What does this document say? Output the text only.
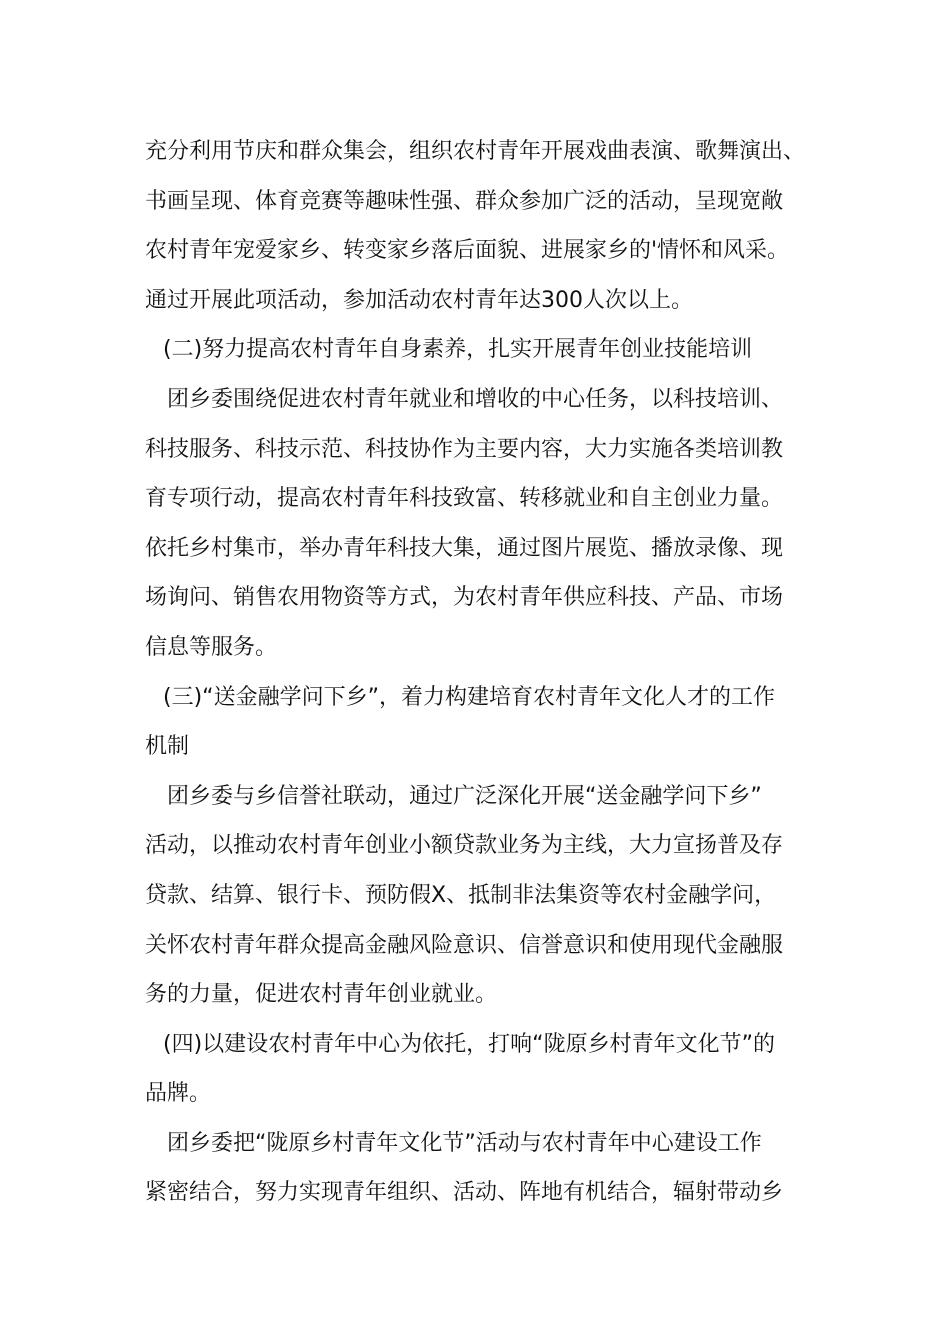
充分利用节庆和群众集会，组织农村青年开展戏曲表演、歌舞演出、
书画呈现、体育竞赛等趣味性强、群众参加广泛的活动，呈现宽敞
农村青年宠爱家乡、转变家乡落后面貌、进展家乡的'情怀和风采。
通过开展此项活动，参加活动农村青年达300人次以上。
(二)努力提高农村青年自身素养，扎实开展青年创业技能培训
团乡委围绕促进农村青年就业和增收的中心任务，以科技培训、
科技服务、科技示范、科技协作为主要内容，大力实施各类培训教
育专项行动，提高农村青年科技致富、转移就业和自主创业力量。
依托乡村集市，举办青年科技大集，通过图片展览、播放录像、现
场询问、销售农用物资等方式，为农村青年供应科技、产品、市场
信息等服务。
(三)“送金融学问下乡”，着力构建培育农村青年文化人才的工作
机制
团乡委与乡信誉社联动，通过广泛深化开展“送金融学问下乡”
活动，以推动农村青年创业小额贷款业务为主线，大力宣扬普及存
贷款、结算、银行卡、预防假X、抵制非法集资等农村金融学问，
关怀农村青年群众提高金融风险意识、信誉意识和使用现代金融服
务的力量，促进农村青年创业就业。
(四)以建设农村青年中心为依托，打响“陇原乡村青年文化节”的
品牌。
团乡委把“陇原乡村青年文化节”活动与农村青年中心建设工作
紧密结合，努力实现青年组织、活动、阵地有机结合，辐射带动乡
